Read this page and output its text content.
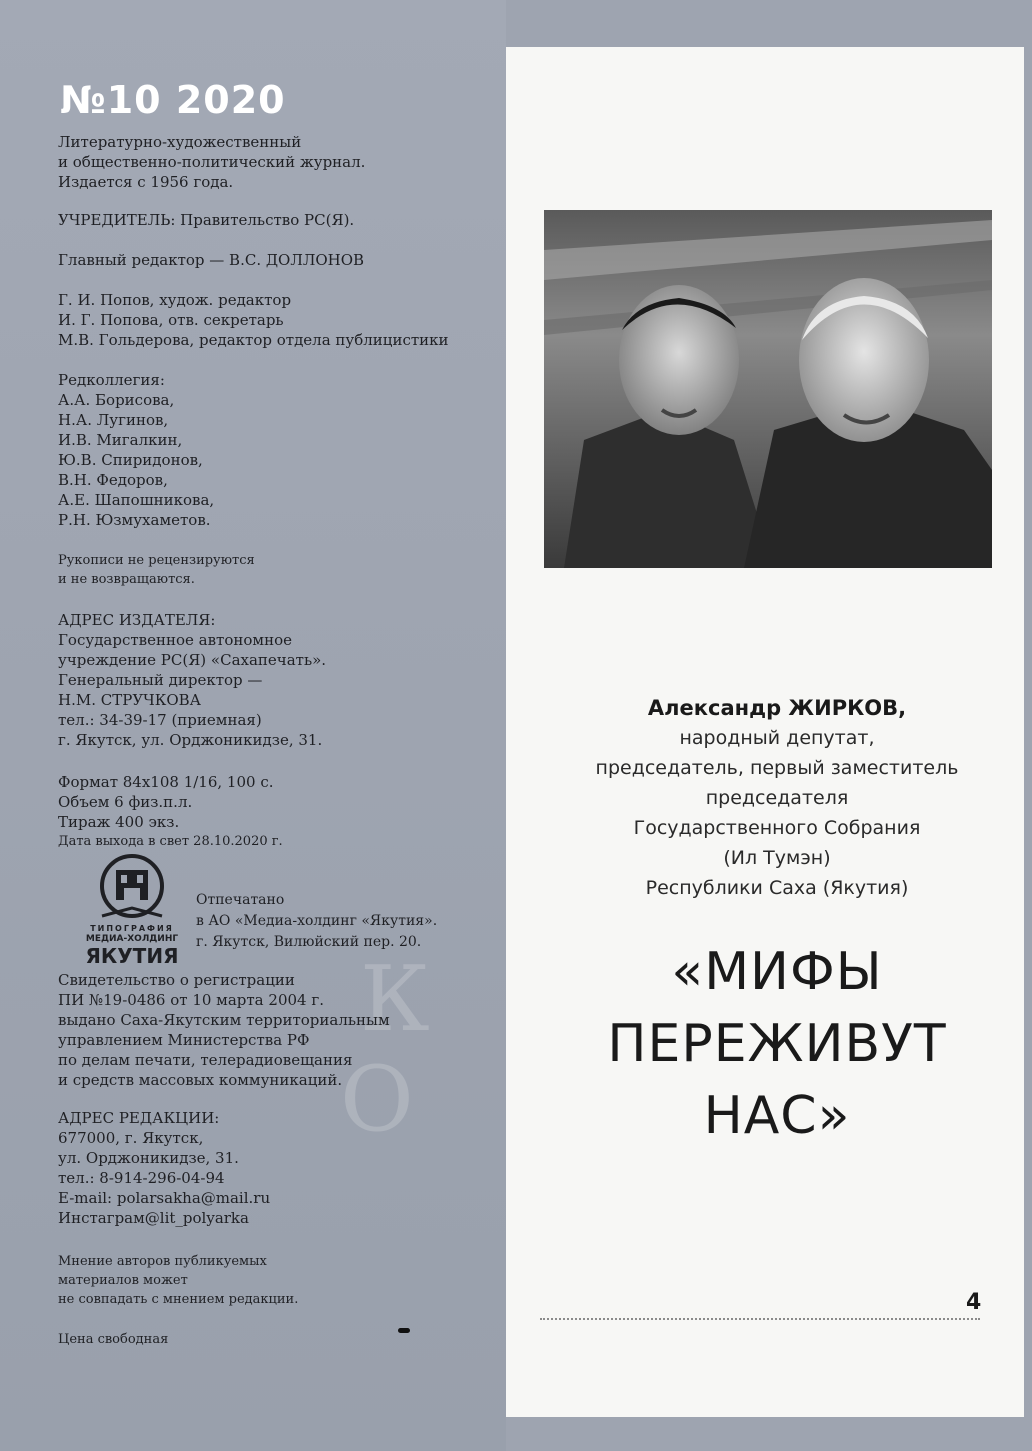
К
О
№10 2020
Литературно-художественный
и общественно-политический журнал.
Издается с 1956 года.
УЧРЕДИТЕЛЬ: Правительство РС(Я).
Главный редактор — В.С. ДОЛЛОНОВ
Г. И. Попов, худож. редактор
И. Г. Попова, отв. секретарь
М.В. Гольдерова, редактор отдела публицистики
Редколлегия:
А.А. Борисова,
Н.А. Лугинов,
И.В. Мигалкин,
Ю.В. Спиридонов,
В.Н. Федоров,
А.Е. Шапошникова,
Р.Н. Юзмухаметов.
Рукописи не рецензируются
и не возвращаются.
АДРЕС ИЗДАТЕЛЯ:
Государственное автономное
учреждение РС(Я) «Сахапечать».
Генеральный директор —
Н.М. СТРУЧКОВА
тел.: 34-39-17 (приемная)
г. Якутск, ул. Орджоникидзе, 31.
Формат 84х108 1/16, 100 с.
Объем 6 физ.п.л.
Тираж 400 экз.
Дата выхода в свет 28.10.2020 г.
ТИПОГРАФИЯ
МЕДИА-ХОЛДИНГ
ЯКУТИЯ
Отпечатано
в АО «Медиа-холдинг «Якутия».
г. Якутск, Вилюйский пер. 20.
Свидетельство о регистрации
ПИ №19-0486 от 10 марта 2004 г.
выдано Саха-Якутским территориальным
управлением Министерства РФ
по делам печати, телерадиовещания
и средств массовых коммуникаций.
АДРЕС РЕДАКЦИИ:
677000, г. Якутск,
ул. Орджоникидзе, 31.
тел.: 8-914-296-04-94
E-mail: polarsakha@mail.ru
Инстаграм@lit_polyarka
Мнение авторов публикуемых
материалов может
не совпадать с мнением редакции.
Цена свободная
Александр ЖИРКОВ,
народный депутат,
председатель, первый заместитель
председателя
Государственного Собрания
(Ил Тумэн)
Республики Саха (Якутия)
«МИФЫ
ПЕРЕЖИВУТ
НАС»
4
